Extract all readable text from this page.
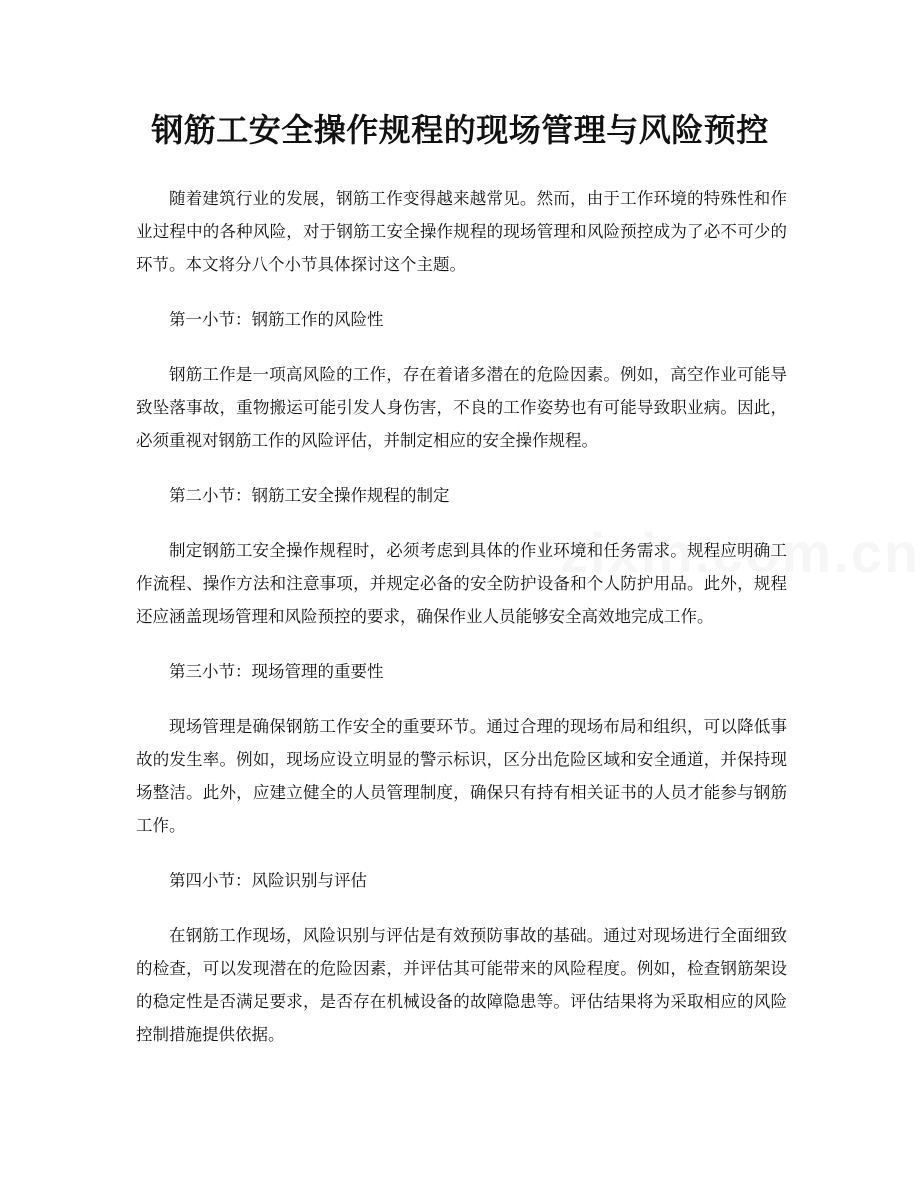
钢筋工安全操作规程的现场管理与风险预控

随着建筑行业的发展，钢筋工作变得越来越常见。然而，由于工作环境的特殊性和作业过程中的各种风险，对于钢筋工安全操作规程的现场管理和风险预控成为了必不可少的环节。本文将分八个小节具体探讨这个主题。

第一小节：钢筋工作的风险性

钢筋工作是一项高风险的工作，存在着诸多潜在的危险因素。例如，高空作业可能导致坠落事故，重物搬运可能引发人身伤害，不良的工作姿势也有可能导致职业病。因此，必须重视对钢筋工作的风险评估，并制定相应的安全操作规程。

第二小节：钢筋工安全操作规程的制定

制定钢筋工安全操作规程时，必须考虑到具体的作业环境和任务需求。规程应明确工作流程、操作方法和注意事项，并规定必备的安全防护设备和个人防护用品。此外，规程还应涵盖现场管理和风险预控的要求，确保作业人员能够安全高效地完成工作。

第三小节：现场管理的重要性

现场管理是确保钢筋工作安全的重要环节。通过合理的现场布局和组织，可以降低事故的发生率。例如，现场应设立明显的警示标识，区分出危险区域和安全通道，并保持现场整洁。此外，应建立健全的人员管理制度，确保只有持有相关证书的人员才能参与钢筋工作。

第四小节：风险识别与评估

在钢筋工作现场，风险识别与评估是有效预防事故的基础。通过对现场进行全面细致的检查，可以发现潜在的危险因素，并评估其可能带来的风险程度。例如，检查钢筋架设的稳定性是否满足要求，是否存在机械设备的故障隐患等。评估结果将为采取相应的风险控制措施提供依据。
